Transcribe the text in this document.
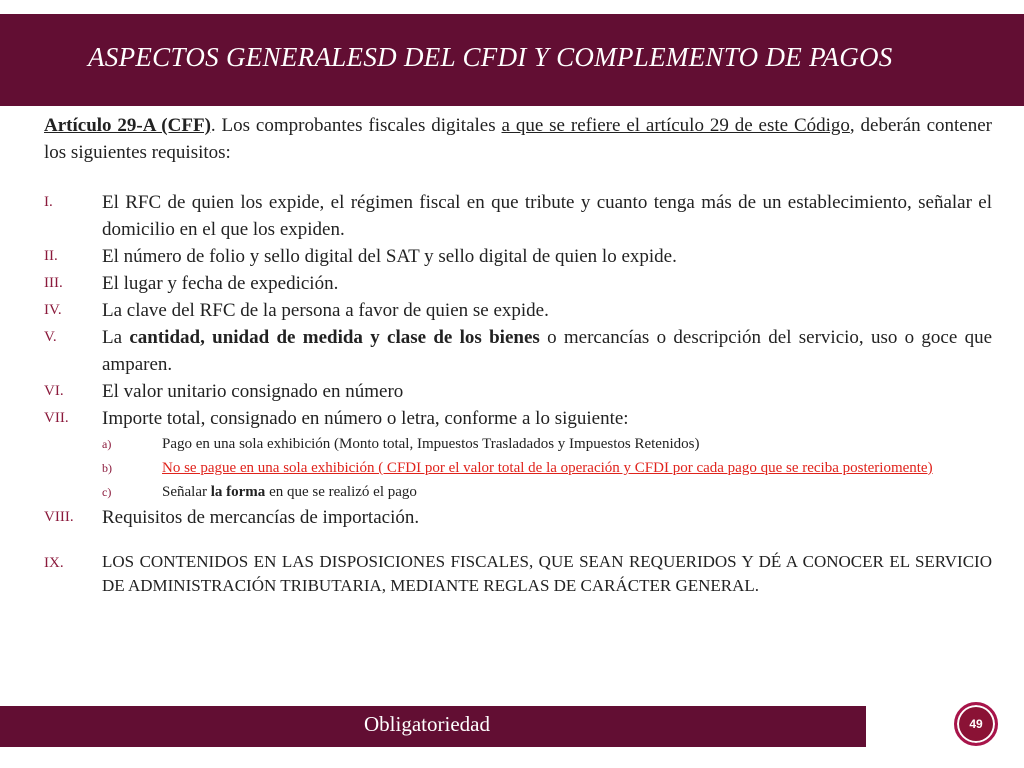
ASPECTOS GENERALESD DEL CFDI Y COMPLEMENTO DE PAGOS

Artículo 29-A (CFF). Los comprobantes fiscales digitales a que se refiere el artículo 29 de este Código, deberán contener los siguientes requisitos:

I.	El RFC de quien los expide, el régimen fiscal en que tribute y cuanto tenga más de un establecimiento, señalar el domicilio en el que los expiden.
II.	El número de folio y sello digital del SAT y sello digital de quien lo expide.
III.	El lugar y fecha de expedición.
IV.	La clave del RFC de la persona a favor de quien se expide.
V.	La cantidad, unidad de medida y clase de los bienes o mercancías o descripción del servicio, uso o goce que amparen.
VI.	El valor unitario consignado en número
VII.	Importe total, consignado en número o letra, conforme a lo siguiente:
a)	Pago en una sola exhibición (Monto total, Impuestos Trasladados y Impuestos Retenidos)
b)	No se pague en una sola exhibición ( CFDI por el valor total de la operación y CFDI por cada pago que se reciba posteriomente)
c)	Señalar la forma en que se realizó el pago
VIII.	Requisitos de mercancías de importación.
IX.	LOS CONTENIDOS EN LAS DISPOSICIONES FISCALES, QUE SEAN REQUERIDOS Y DÉ A CONOCER EL SERVICIO DE ADMINISTRACIÓN TRIBUTARIA, MEDIANTE REGLAS DE CARÁCTER GENERAL.
Obligatoriedad	49
